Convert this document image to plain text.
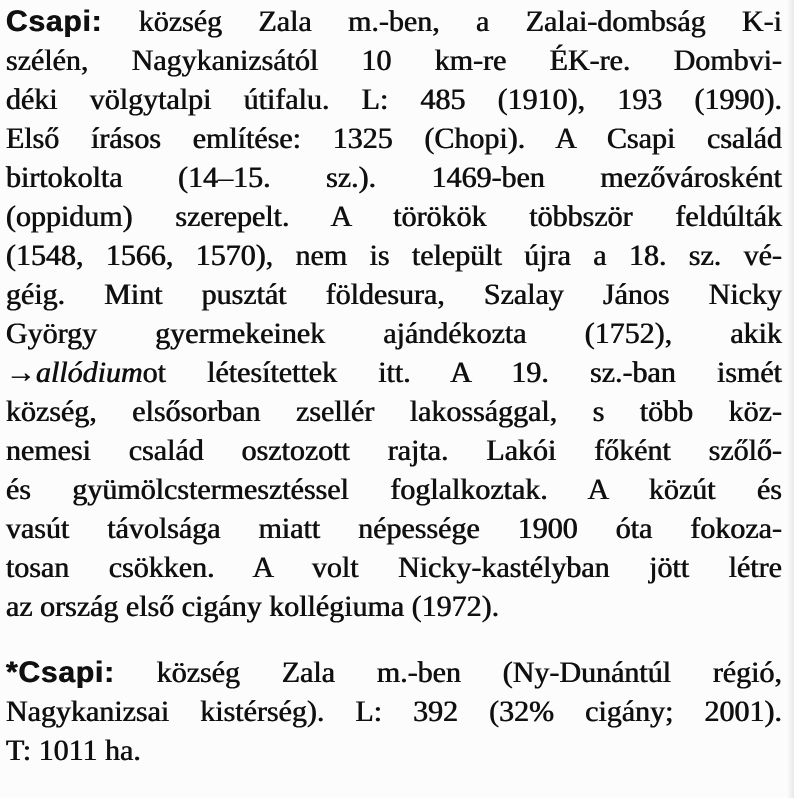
Csapi: község Zala m.-ben, a Zalai-dombság K-i
szélén, Nagykanizsától 10 km-re ÉK-re. Dombvi-
déki völgytalpi útifalu. L: 485 (1910), 193 (1990).
Első írásos említése: 1325 (Chopi). A Csapi család
birtokolta (14–15. sz.). 1469-ben mezővárosként
(oppidum) szerepelt. A törökök többször feldúlták
(1548, 1566, 1570), nem is települt újra a 18. sz. vé-
géig. Mint pusztát földesura, Szalay János Nicky
György gyermekeinek ajándékozta (1752), akik
→allódiumot létesítettek itt. A 19. sz.-ban ismét
község, elsősorban zsellér lakossággal, s több köz-
nemesi család osztozott rajta. Lakói főként szőlő-
és gyümölcstermesztéssel foglalkoztak. A közút és
vasút távolsága miatt népessége 1900 óta fokoza-
tosan csökken. A volt Nicky-kastélyban jött létre
az ország első cigány kollégiuma (1972).
*Csapi: község Zala m.-ben (Ny-Dunántúl régió,
Nagykanizsai kistérség). L: 392 (32% cigány; 2001).
T: 1011 ha.
